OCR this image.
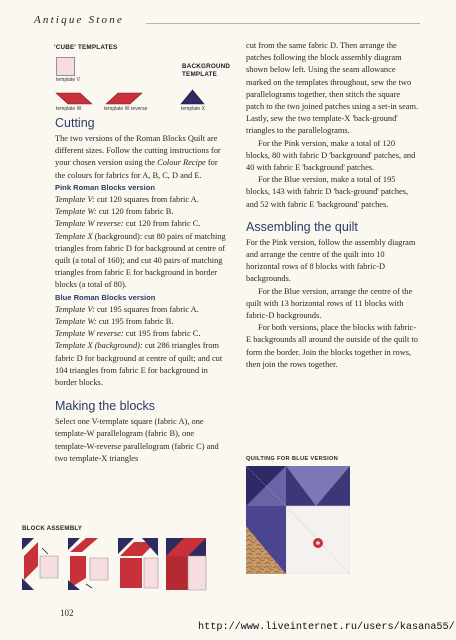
Antique Stone
'CUBE' TEMPLATES
BACKGROUND
TEMPLATE
template V
template W	template W reverse	template X
Cutting

The two versions of the Roman Blocks Quilt are different sizes. Follow the cutting instructions for your chosen version using the Colour Recipe for the colours for fabrics for A, B, C, D and E.

Pink Roman Blocks version

Template V: cut 120 squares from fabric A.

Template W: cut 120 from fabric B.

Template W reverse: cut 120 from fabric C.

Template X (background): cut 80 pairs of matching triangles from fabric D for background at centre of quilt (a total of 160); and cut 40 pairs of matching triangles from fabric E for background in border blocks (a total of 80).

Blue Roman Blocks version

Template V: cut 195 squares from fabric A.

Template W: cut 195 from fabric B.

Template W reverse: cut 195 from fabric C.

Template X (background): cut 286 triangles from fabric D for background at centre of quilt; and cut 104 triangles from fabric E for background in border blocks.

Making the blocks

Select one V-template square (fabric A), one template-W parallelogram (fabric B), one template-W-reverse parallelogram (fabric C) and two template-X triangles

cut from the same fabric D. Then arrange the patches following the block assembly diagram shown below left. Using the seam allowance marked on the templates throughout, sew the two parallelograms together, then stitch the square patch to the two joined patches using a set-in seam. Lastly, sew the two template-X 'back-ground' triangles to the parallelograms.

For the Pink version, make a total of 120 blocks, 80 with fabric D 'background' patches, and 40 with fabric E 'background' patches.

For the Blue version, make a total of 195 blocks, 143 with fabric D 'back-ground' patches, and 52 with fabric E 'background' patches.

Assembling the quilt

For the Pink version, follow the assembly diagram and arrange the centre of the quilt into 10 horizontal rows of 8 blocks with fabric-D backgrounds.

For the Blue version, arrange the centre of the quilt with 13 horizontal rows of 11 blocks with fabric-D backgrounds.

For both versions, place the blocks with fabric-E backgrounds all around the outside of the quilt to form the border. Join the blocks together in rows, then join the rows together.

QUILTING FOR BLUE VERSION
BLOCK ASSEMBLY
102
http://www.liveinternet.ru/users/kasana55/
